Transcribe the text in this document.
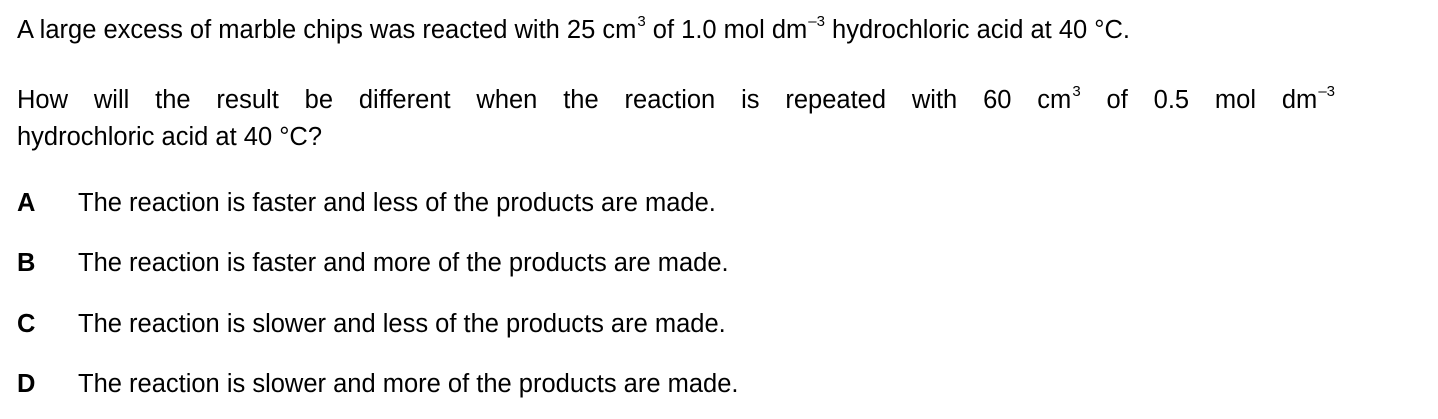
A large excess of marble chips was reacted with 25 $cm^3$ of 1.0 mol $dm^{-3}$ hydrochloric acid at 40 °C.
How will the result be different when the reaction is repeated with 60 $cm^3$ of 0.5 mol $dm^{-3}$
hydrochloric acid at 40 °C?
A	The reaction is faster and less of the products are made.
B	The reaction is faster and more of the products are made.
C	The reaction is slower and less of the products are made.
D	The reaction is slower and more of the products are made.
